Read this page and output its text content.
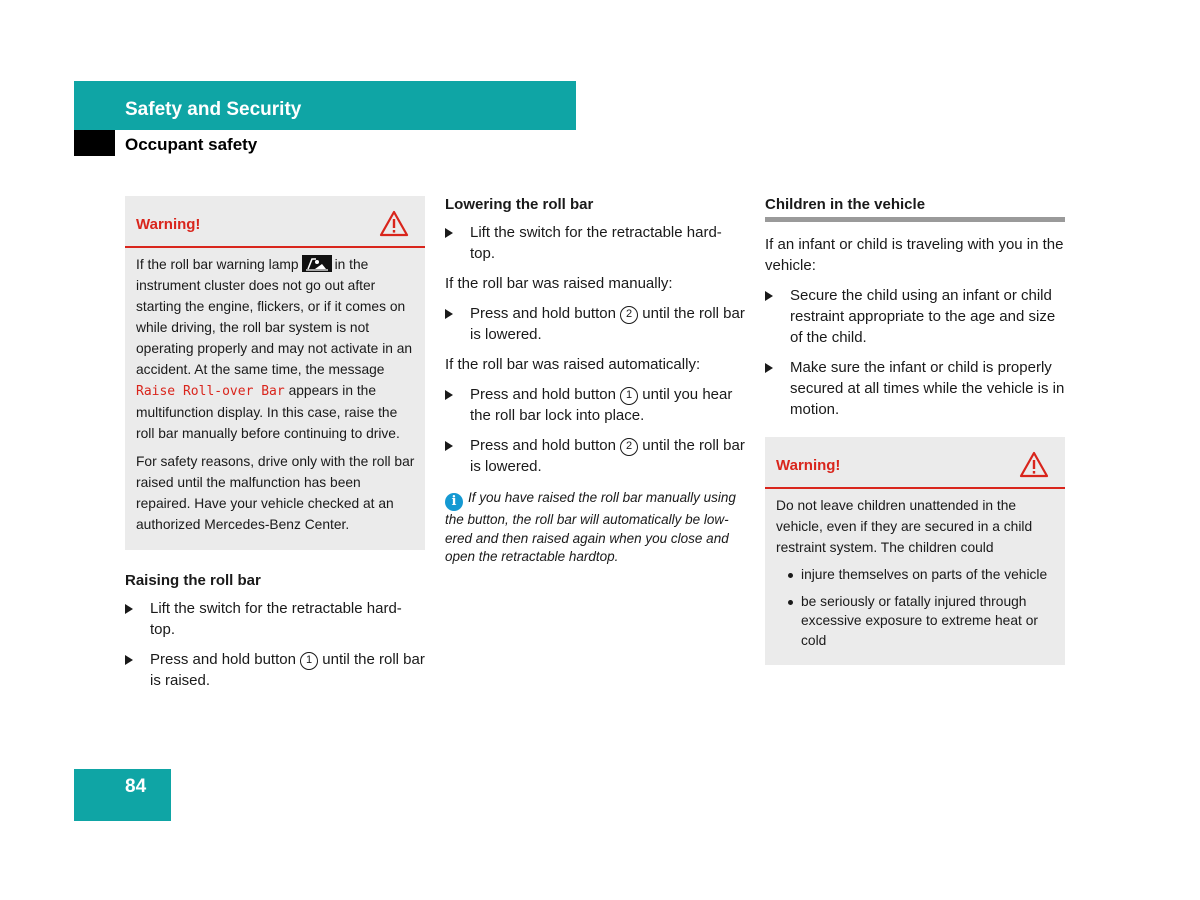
Safety and Security
Occupant safety
Warning!

If the roll bar warning lamp	in the instrument cluster does not go out after starting the engine, flickers, or if it comes on while driving, the roll bar system is not operating properly and may not activate in an accident. At the same time, the message Raise Roll-over Bar appears in the multifunction display. In this case, raise the roll bar manually before continuing to drive.

For safety reasons, drive only with the roll bar raised until the malfunction has been repaired. Have your vehicle checked at an authorized Mercedes-Benz Center.

Raising the roll bar

Lift the switch for the retractable hard-top.

Press and hold button 1 until the roll bar is raised.

Lowering the roll bar

Lift the switch for the retractable hard-top.

If the roll bar was raised manually:

Press and hold button 2 until the roll bar is lowered.

If the roll bar was raised automatically:

Press and hold button 1 until you hear the roll bar lock into place.

Press and hold button 2 until the roll bar is lowered.

i If you have raised the roll bar manually using the button, the roll bar will automatically be low-ered and then raised again when you close and open the retractable hardtop.

Children in the vehicle

If an infant or child is traveling with you in the vehicle:

Secure the child using an infant or child restraint appropriate to the age and size of the child.

Make sure the infant or child is properly secured at all times while the vehicle is in motion.

Warning!

Do not leave children unattended in the vehicle, even if they are secured in a child restraint system. The children could

injure themselves on parts of the vehicle

be seriously or fatally injured through excessive exposure to extreme heat or cold

84
